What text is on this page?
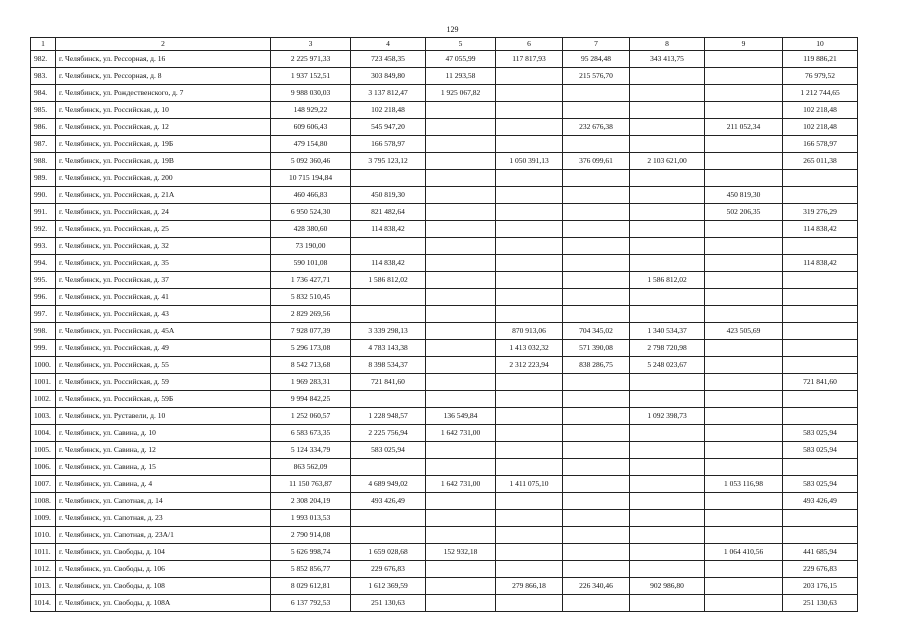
129
1	2	3	4	5	6	7	8	9	10
982.	г. Челябинск, ул. Рессорная, д. 16	2 225 971,33	723 458,35	47 055,99	117 817,93	95 284,48	343 413,75		119 886,21
983.	г. Челябинск, ул. Рессорная, д. 8	1 937 152,51	303 849,80	11 293,58		215 576,70			76 979,52
984.	г. Челябинск, ул. Рождественского, д. 7	9 988 030,03	3 137 812,47	1 925 067,82					1 212 744,65
985.	г. Челябинск, ул. Российская, д. 10	148 929,22	102 218,48						102 218,48
986.	г. Челябинск, ул. Российская, д. 12	609 606,43	545 947,20			232 676,38		211 052,34	102 218,48
987.	г. Челябинск, ул. Российская, д. 19Б	479 154,80	166 578,97						166 578,97
988.	г. Челябинск, ул. Российская, д. 19В	5 092 360,46	3 795 123,12		1 050 391,13	376 099,61	2 103 621,00		265 011,38
989.	г. Челябинск, ул. Российская, д. 200	10 715 194,84							
990.	г. Челябинск, ул. Российская, д. 21А	460 466,83	450 819,30					450 819,30	
991.	г. Челябинск, ул. Российская, д. 24	6 950 524,30	821 482,64					502 206,35	319 276,29
992.	г. Челябинск, ул. Российская, д. 25	428 380,60	114 838,42						114 838,42
993.	г. Челябинск, ул. Российская, д. 32	73 190,00							
994.	г. Челябинск, ул. Российская, д. 35	590 101,08	114 838,42						114 838,42
995.	г. Челябинск, ул. Российская, д. 37	1 736 427,71	1 586 812,02				1 586 812,02		
996.	г. Челябинск, ул. Российская, д. 41	5 832 510,45							
997.	г. Челябинск, ул. Российская, д. 43	2 829 269,56							
998.	г. Челябинск, ул. Российская, д. 45А	7 928 077,39	3 339 298,13		870 913,06	704 345,02	1 340 534,37	423 505,69	
999.	г. Челябинск, ул. Российская, д. 49	5 296 173,08	4 783 143,38		1 413 032,32	571 390,08	2 798 720,98		
1000.	г. Челябинск, ул. Российская, д. 55	8 542 713,68	8 398 534,37		2 312 223,94	838 286,75	5 248 023,67		
1001.	г. Челябинск, ул. Российская, д. 59	1 969 283,31	721 841,60						721 841,60
1002.	г. Челябинск, ул. Российская, д. 59Б	9 994 842,25							
1003.	г. Челябинск, ул. Руставели, д. 10	1 252 060,57	1 228 948,57	136 549,84			1 092 398,73		
1004.	г. Челябинск, ул. Савина, д. 10	6 583 673,35	2 225 756,94	1 642 731,00					583 025,94
1005.	г. Челябинск, ул. Савина, д. 12	5 124 334,79	583 025,94						583 025,94
1006.	г. Челябинск, ул. Савина, д. 15	863 562,09							
1007.	г. Челябинск, ул. Савина, д. 4	11 150 763,87	4 689 949,02	1 642 731,00	1 411 075,10			1 053 116,98	583 025,94
1008.	г. Челябинск, ул. Сапотная, д. 14	2 308 204,19	493 426,49						493 426,49
1009.	г. Челябинск, ул. Сапотная, д. 23	1 993 013,53							
1010.	г. Челябинск, ул. Сапотная, д. 23А/1	2 790 914,08							
1011.	г. Челябинск, ул. Свободы, д. 104	5 626 998,74	1 659 028,68	152 932,18				1 064 410,56	441 685,94
1012.	г. Челябинск, ул. Свободы, д. 106	5 852 856,77	229 676,83						229 676,83
1013.	г. Челябинск, ул. Свободы, д. 108	8 029 612,81	1 612 369,59		279 866,18	226 340,46	902 986,80		203 176,15
1014.	г. Челябинск, ул. Свободы, д. 108А	6 137 792,53	251 130,63						251 130,63
